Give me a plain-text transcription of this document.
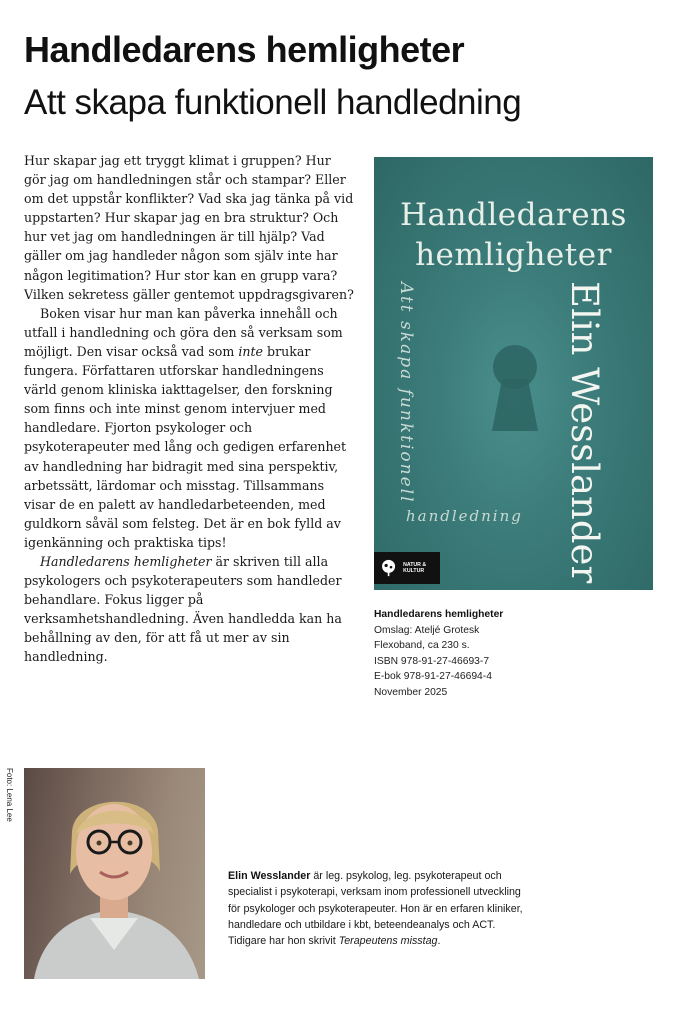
Handledarens hemligheter
Att skapa funktionell handledning

Hur skapar jag ett tryggt klimat i gruppen? Hur gör jag om handledningen står och stampar? Eller om det uppstår konflikter? Vad ska jag tänka på vid uppstarten? Hur skapar jag en bra struktur? Och hur vet jag om handledningen är till hjälp? Vad gäller om jag handleder någon som själv inte har någon legitimation? Hur stor kan en grupp vara? Vilken sekretess gäller gentemot uppdragsgivaren?

Boken visar hur man kan påverka innehåll och utfall i handledning och göra den så verksam som möjligt. Den visar också vad som inte brukar fungera. Författaren utforskar handledningens värld genom kliniska iakttagelser, den forskning som finns och inte minst genom intervjuer med handledare. Fjorton psykologer och psykoterapeuter med lång och gedigen erfarenhet av handledning har bidragit med sina perspektiv, arbetssätt, lärdomar och misstag. Tillsammans visar de en palett av handledarbeteenden, med guldkorn såväl som felsteg. Det är en bok fylld av igenkänning och praktiska tips!

Handledarens hemligheter är skriven till alla psykologers och psykoterapeuters som handleder behandlare. Fokus ligger på verksamhetshandledning. Även handledda kan ha behållning av den, för att få ut mer av sin handledning.

Handledarens
hemligheter
Att skapa funktionell
handledning Elin Wesslander
NATUR & KULTUR
Handledarens hemligheter
Omslag: Ateljé Grotesk
Flexoband, ca 230 s.
ISBN 978-91-27-46693-7
E-bok 978-91-27-46694-4
November 2025
Foto: Lena Lee
Elin Wesslander är leg. psykolog, leg. psykoterapeut och specialist i psykoterapi, verksam inom professionell utveckling för psykologer och psykoterapeuter. Hon är en erfaren kliniker, handledare och utbildare i kbt, beteendeanalys och ACT. Tidigare har hon skrivit Terapeutens misstag.
